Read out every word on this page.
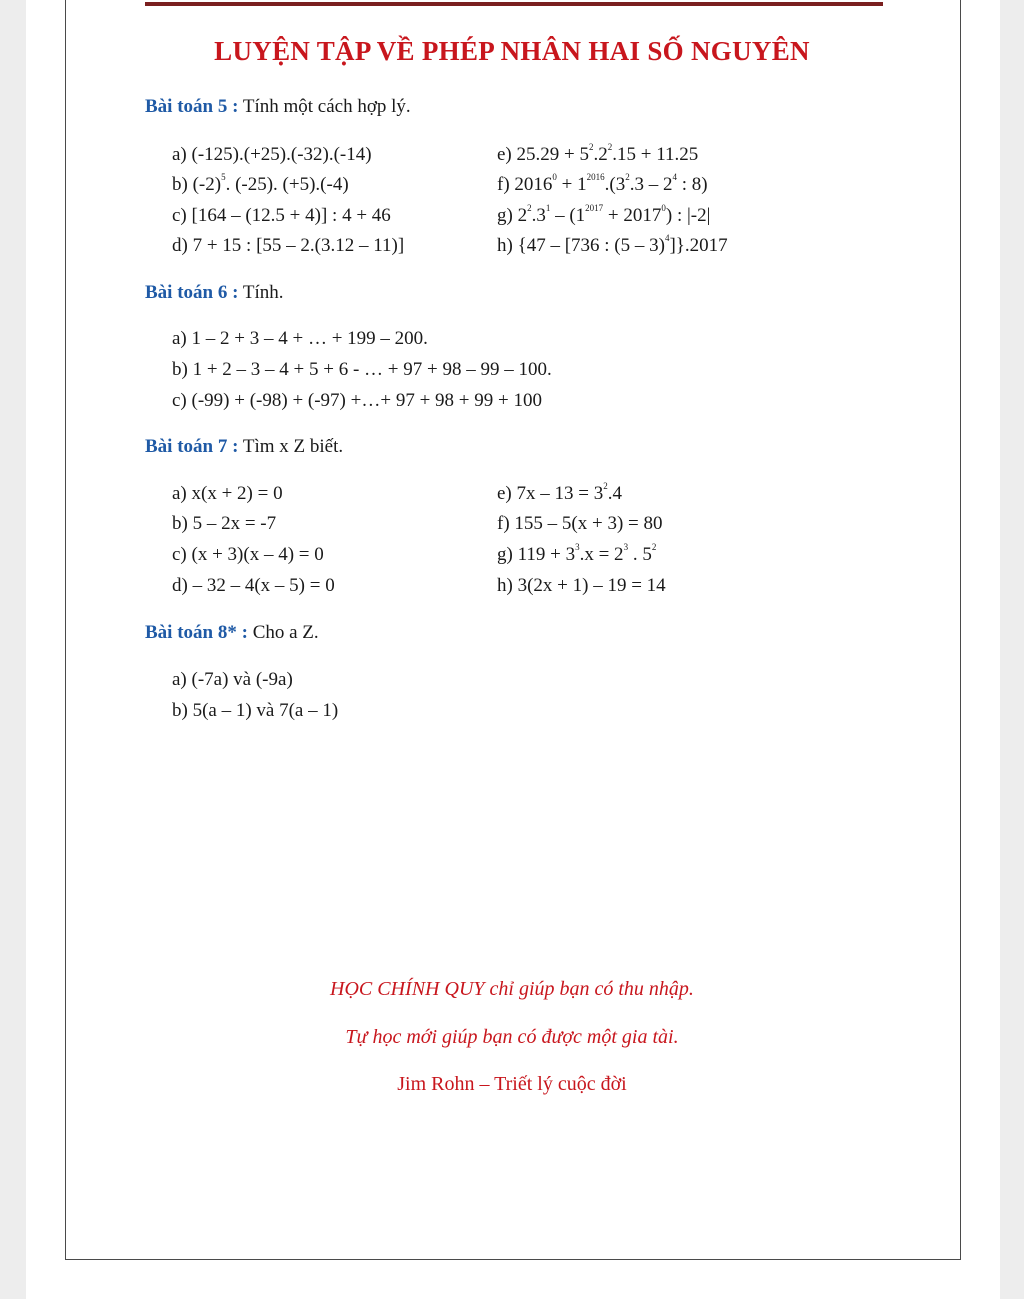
LUYỆN TẬP VỀ PHÉP NHÂN HAI SỐ NGUYÊN
Bài toán 5 : Tính một cách hợp lý.
a) (-125).(+25).(-32).(-14)
b) $(-2)^5$. (-25). (+5).(-4)
c) [164 – (12.5 + 4)] : 4 + 46
d) 7 + 15 : [55 – 2.(3.12 – 11)]
e) $25.29 + 5^2.2^2.15 + 11.25$
f) $2016^0 + 1^{2016}.(3^2.3 - 2^4$ : 8)
g) $2^2.3^1 - (1^{2017} + 2017^0)$ : |-2|
h) {47 – [736 : (5 – 3)$^4$]}.2017
Bài toán 6 : Tính.
a) 1 – 2 + 3 – 4 + … + 199 – 200.
b) 1 + 2 – 3 – 4 + 5 + 6 - … + 97 + 98 – 99 – 100.
c) (-99) + (-98) + (-97) +…+ 97 + 98 + 99 + 100
Bài toán 7 : Tìm x Z biết.
a) x(x + 2) = 0
b) 5 – 2x = -7
c) (x + 3)(x – 4) = 0
d) – 32 – 4(x – 5) = 0
e) $7x - 13 = 3^2.4$
f) 155 – 5(x + 3) = 80
g) $119 + 3^3.x = 2^3$ . $5^2$
h) 3(2x + 1) – 19 = 14
Bài toán 8* : Cho a Z.
a) (-7a) và (-9a)
b) 5(a – 1) và 7(a – 1)
HỌC CHÍNH QUY chỉ giúp bạn có thu nhập.
Tự học mới giúp bạn có được một gia tài.
Jim Rohn – Triết lý cuộc đời
